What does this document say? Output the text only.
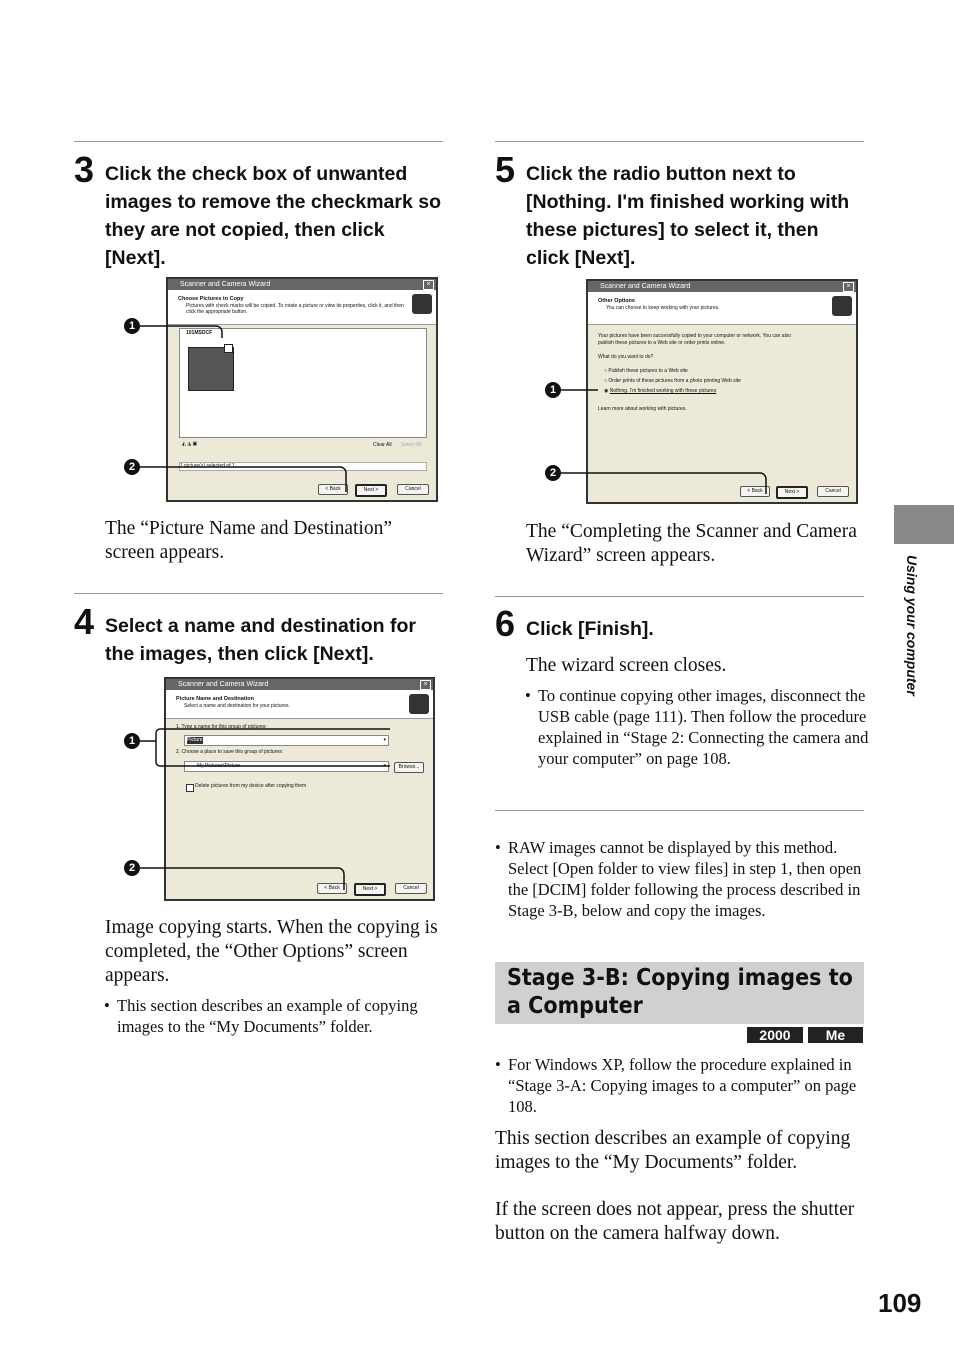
3 Click the check box of unwanted images to remove the checkmark so they are not copied, then click [Next].
Scanner and Camera Wizard	×
Choose Pictures to Copy
Pictures with check marks will be copied. To rotate a picture or view its properties, click it, and then click the appropriate button.
101MSDCF
◭ ◮ ▣	Clear All Select All
1 picture(s) selected of 1
< Back	Next >	Cancel
The “Picture Name and Destination” screen appears.
4 Select a name and destination for the images, then click [Next].
Scanner and Camera Wizard	×
Picture Name and Destination
Select a name and destination for your pictures.
1. Type a name for this group of pictures:
Picture	▾
2. Choose a place to save this group of pictures:
My Pictures\Picture	▾	Browse...
Delete pictures from my device after copying them
< Back	Next >	Cancel
Image copying starts. When the copying is completed, the “Other Options” screen appears.
• This section describes an example of copying images to the “My Documents” folder.
5 Click the radio button next to [Nothing. I'm finished working with these pictures] to select it, then click [Next].
Scanner and Camera Wizard	×
Other Options
You can choose to keep working with your pictures.
Your pictures have been successfully copied to your computer or network. You can also publish these pictures to a Web site or order prints online.
What do you want to do?
○ Publish these pictures to a Web site
○ Order prints of these pictures from a photo printing Web site
◉ Nothing. I'm finished working with these pictures
Learn more about working with pictures.
< Back	Next >	Cancel
The “Completing the Scanner and Camera Wizard” screen appears.
6 Click [Finish].
The wizard screen closes.
• To continue copying other images, disconnect the USB cable (page 111). Then follow the procedure explained in “Stage 2: Connecting the camera and your computer” on page 108.
• RAW images cannot be displayed by this method. Select [Open folder to view files] in step 1, then open the [DCIM] folder following the process described in Stage 3-B, below and copy the images.
Stage 3-B: Copying images to a Computer
2000	Me
• For Windows XP, follow the procedure explained in “Stage 3-A: Copying images to a computer” on page 108.
This section describes an example of copying images to the “My Documents” folder.
If the screen does not appear, press the shutter button on the camera halfway down.
1
2
1
2
1
2
Using your computer
109
